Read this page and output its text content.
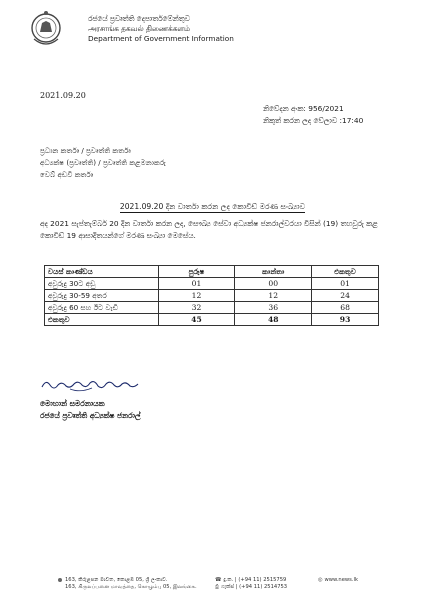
රජයේ ප්‍රවෘත්ති දෙපාර්තමේන්තුව
அரசாங்க தகவல் திணைக்களம்
Department of Government Information
2021.09.20
නිවේදන අංක: 956/2021
නිකුත් කරන ලද වේලාව :17:40
ප්‍රධාන කර්තෘ / ප්‍රවෘත්ති කර්තෘ
අධ්‍යක්ෂ (ප්‍රවෘත්ති) / ප්‍රවෘත්ති කළමනාකරු
වෙබ් අඩවි කර්තෘ
2021.09.20 දින වාර්තා කරන ලද කොවිඩ් මරණ සංඛ්‍යාව
අද 2021 සැප්තැම්බර් 20 දින වාර්තා කරන ලද, සෞඛ්‍ය සේවා අධ්‍යක්ෂ ජනරාල්වරයා විසින් (19) තහවුරු කළ කොවිඩ් 19 ආසාදිතයන්ගේ මරණ සංඛ්‍යා මෙසේය.
වයස් කාණ්ඩය	පුරුෂ	කාන්තා	එකතුව
අවුරුදු 30ට අඩු	01	00	01
අවුරුදු 30-59 අතර	12	12	24
අවුරුදු 60 සහ ඊට වැඩි	32	36	68
එකතුව	45	48	93
මොහාන් සමරනායක
රජයේ ප්‍රවෘත්ති අධ්‍යක්ෂ ජනරාල්
163, කිරුළපන මාවත, කොළඹ 05, ශ්‍රී ලංකාව.
163, கிருலப்பனை மாவத்தை, கொழும்பு 05, இலங்கை.
☎ දු.ක. | (+94 11) 2515759
⎙ ෆැක්ස් | (+94 11) 2514753
◎ www.news.lk
